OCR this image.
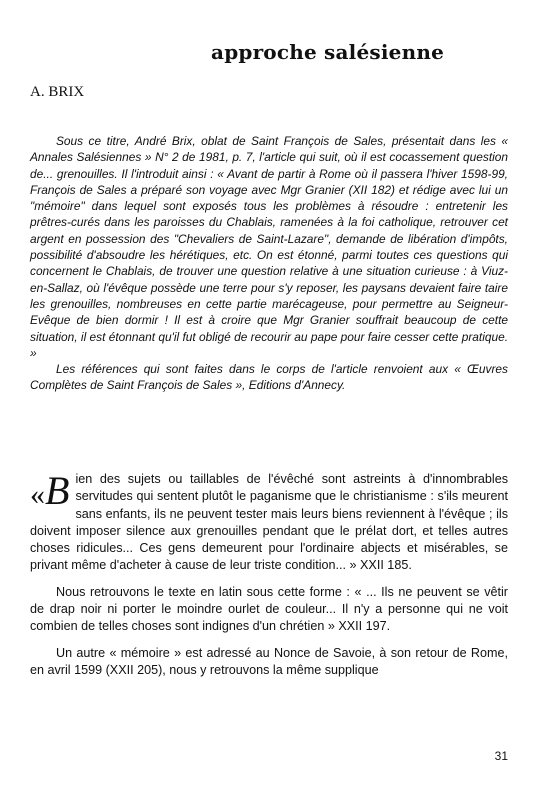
approche salésienne
A. BRIX

Sous ce titre, André Brix, oblat de Saint François de Sales, présentait dans les « Annales Salésiennes » N° 2 de 1981, p. 7, l'article qui suit, où il est cocassement question de... grenouilles. Il l'introduit ainsi : « Avant de partir à Rome où il passera l'hiver 1598-99, François de Sales a préparé son voyage avec Mgr Granier (XII 182) et rédige avec lui un "mémoire" dans lequel sont exposés tous les problèmes à résoudre : entretenir les prêtres-curés dans les paroisses du Chablais, ramenées à la foi catholique, retrouver cet argent en possession des "Chevaliers de Saint-Lazare", demande de libération d'impôts, possibilité d'absoudre les hérétiques, etc. On est étonné, parmi toutes ces questions qui concernent le Chablais, de trouver une question relative à une situation curieuse : à Viuz-en-Sallaz, où l'évêque possède une terre pour s'y reposer, les paysans devaient faire taire les grenouilles, nombreuses en cette partie marécageuse, pour permettre au Seigneur-Evêque de bien dormir ! Il est à croire que Mgr Granier souffrait beaucoup de cette situation, il est étonnant qu'il fut obligé de recourir au pape pour faire cesser cette pratique. »

Les références qui sont faites dans le corps de l'article renvoient aux « Œuvres Complètes de Saint François de Sales », Editions d'Annecy.

«B ien des sujets ou taillables de l'évêché sont astreints à d'innombrables servitudes qui sentent plutôt le paganisme que le christianisme : s'ils meurent sans enfants, ils ne peuvent tester mais leurs biens reviennent à l'évêque ; ils doivent imposer silence aux grenouilles pendant que le prélat dort, et telles autres choses ridicules... Ces gens demeurent pour l'ordinaire abjects et misérables, se privant même d'acheter à cause de leur triste condition... » XXII 185.

Nous retrouvons le texte en latin sous cette forme : « ... Ils ne peuvent se vêtir de drap noir ni porter le moindre ourlet de couleur... Il n'y a personne qui ne voit combien de telles choses sont indignes d'un chrétien » XXII 197.

Un autre « mémoire » est adressé au Nonce de Savoie, à son retour de Rome, en avril 1599 (XXII 205), nous y retrouvons la même supplique

31
